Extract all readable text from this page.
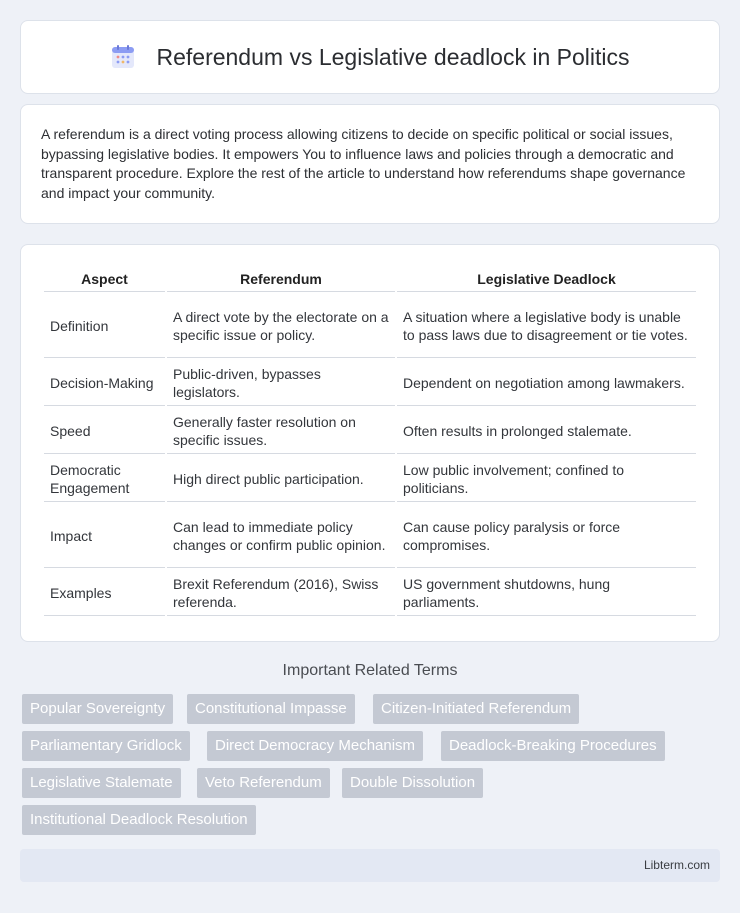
Referendum vs Legislative deadlock in Politics

A referendum is a direct voting process allowing citizens to decide on specific political or social issues, bypassing legislative bodies. It empowers You to influence laws and policies through a democratic and transparent procedure. Explore the rest of the article to understand how referendums shape governance and impact your community.

Aspect	Referendum	Legislative Deadlock
Definition	A direct vote by the electorate on a specific issue or policy.	A situation where a legislative body is unable to pass laws due to disagreement or tie votes.
Decision-Making	Public-driven, bypasses legislators.	Dependent on negotiation among lawmakers.
Speed	Generally faster resolution on specific issues.	Often results in prolonged stalemate.
Democratic Engagement	High direct public participation.	Low public involvement; confined to politicians.
Impact	Can lead to immediate policy changes or confirm public opinion.	Can cause policy paralysis or force compromises.
Examples	Brexit Referendum (2016), Swiss referenda.	US government shutdowns, hung parliaments.
Important Related Terms
Popular Sovereignty	Constitutional Impasse	Citizen-Initiated Referendum
Parliamentary Gridlock	Direct Democracy Mechanism	Deadlock-Breaking Procedures
Legislative Stalemate	Veto Referendum	Double Dissolution
Institutional Deadlock Resolution
Libterm.com
